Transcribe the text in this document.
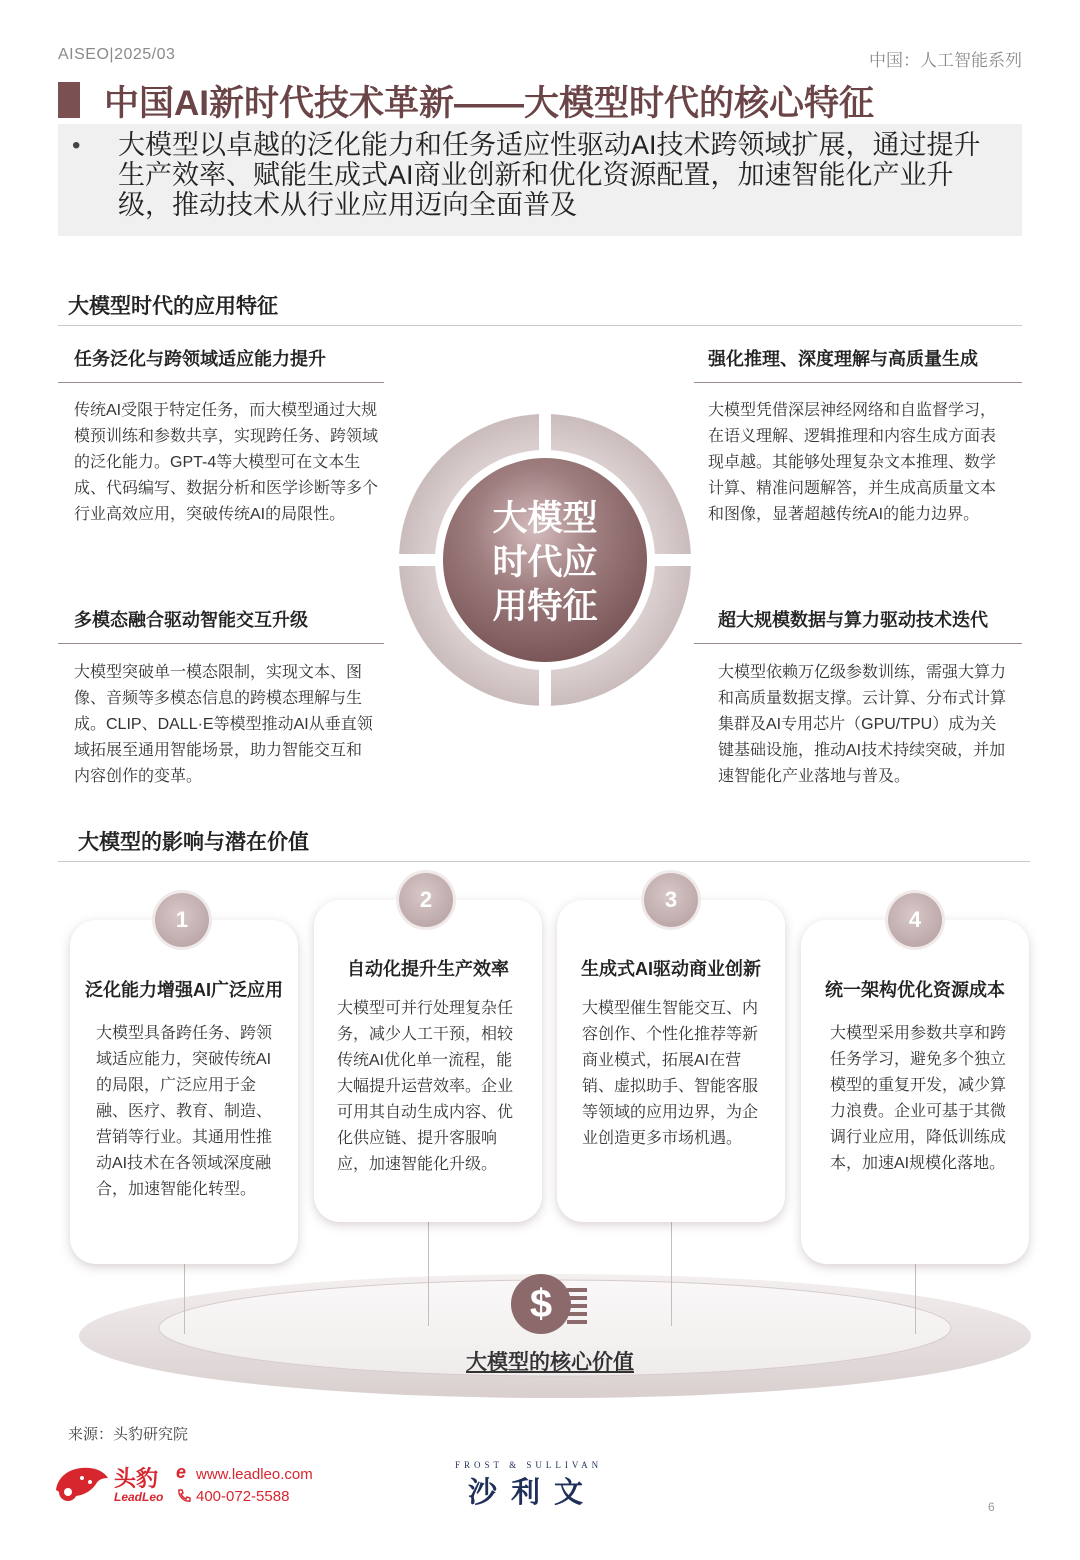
AISEO|2025/03	中国：人工智能系列
中国AI新时代技术革新——大模型时代的核心特征
• 大模型以卓越的泛化能力和任务适应性驱动AI技术跨领域扩展，通过提升生产效率、赋能生成式AI商业创新和优化资源配置，加速智能化产业升级，推动技术从行业应用迈向全面普及
大模型时代的应用特征
任务泛化与跨领域适应能力提升
传统AI受限于特定任务，而大模型通过大规模预训练和参数共享，实现跨任务、跨领域的泛化能力。GPT-4等大模型可在文本生成、代码编写、数据分析和医学诊断等多个行业高效应用，突破传统AI的局限性。
强化推理、深度理解与高质量生成
大模型凭借深层神经网络和自监督学习，在语义理解、逻辑推理和内容生成方面表现卓越。其能够处理复杂文本推理、数学计算、精准问题解答，并生成高质量文本和图像，显著超越传统AI的能力边界。
多模态融合驱动智能交互升级
大模型突破单一模态限制，实现文本、图像、音频等多模态信息的跨模态理解与生成。CLIP、DALL·E等模型推动AI从垂直领域拓展至通用智能场景，助力智能交互和内容创作的变革。
超大规模数据与算力驱动技术迭代
大模型依赖万亿级参数训练，需强大算力和高质量数据支撑。云计算、分布式计算集群及AI专用芯片（GPU/TPU）成为关键基础设施，推动AI技术持续突破，并加速智能化产业落地与普及。
大模型
时代应
用特征
大模型的影响与潜在价值
1
泛化能力增强AI广泛应用
大模型具备跨任务、跨领域适应能力，突破传统AI的局限，广泛应用于金融、医疗、教育、制造、营销等行业。其通用性推动AI技术在各领域深度融合，加速智能化转型。
2
自动化提升生产效率
大模型可并行处理复杂任务，减少人工干预，相较传统AI优化单一流程，能大幅提升运营效率。企业可用其自动生成内容、优化供应链、提升客服响应，加速智能化升级。
3
生成式AI驱动商业创新
大模型催生智能交互、内容创作、个性化推荐等新商业模式，拓展AI在营销、虚拟助手、智能客服等领域的应用边界，为企业创造更多市场机遇。
4
统一架构优化资源成本
大模型采用参数共享和跨任务学习，避免多个独立模型的重复开发，减少算力浪费。企业可基于其微调行业应用，降低训练成本，加速AI规模化落地。
$
大模型的核心价值
来源：头豹研究院
头豹
LeadLeo
e www.leadleo.com
400-072-5588
FROST & SULLIVAN
沙利文	6
